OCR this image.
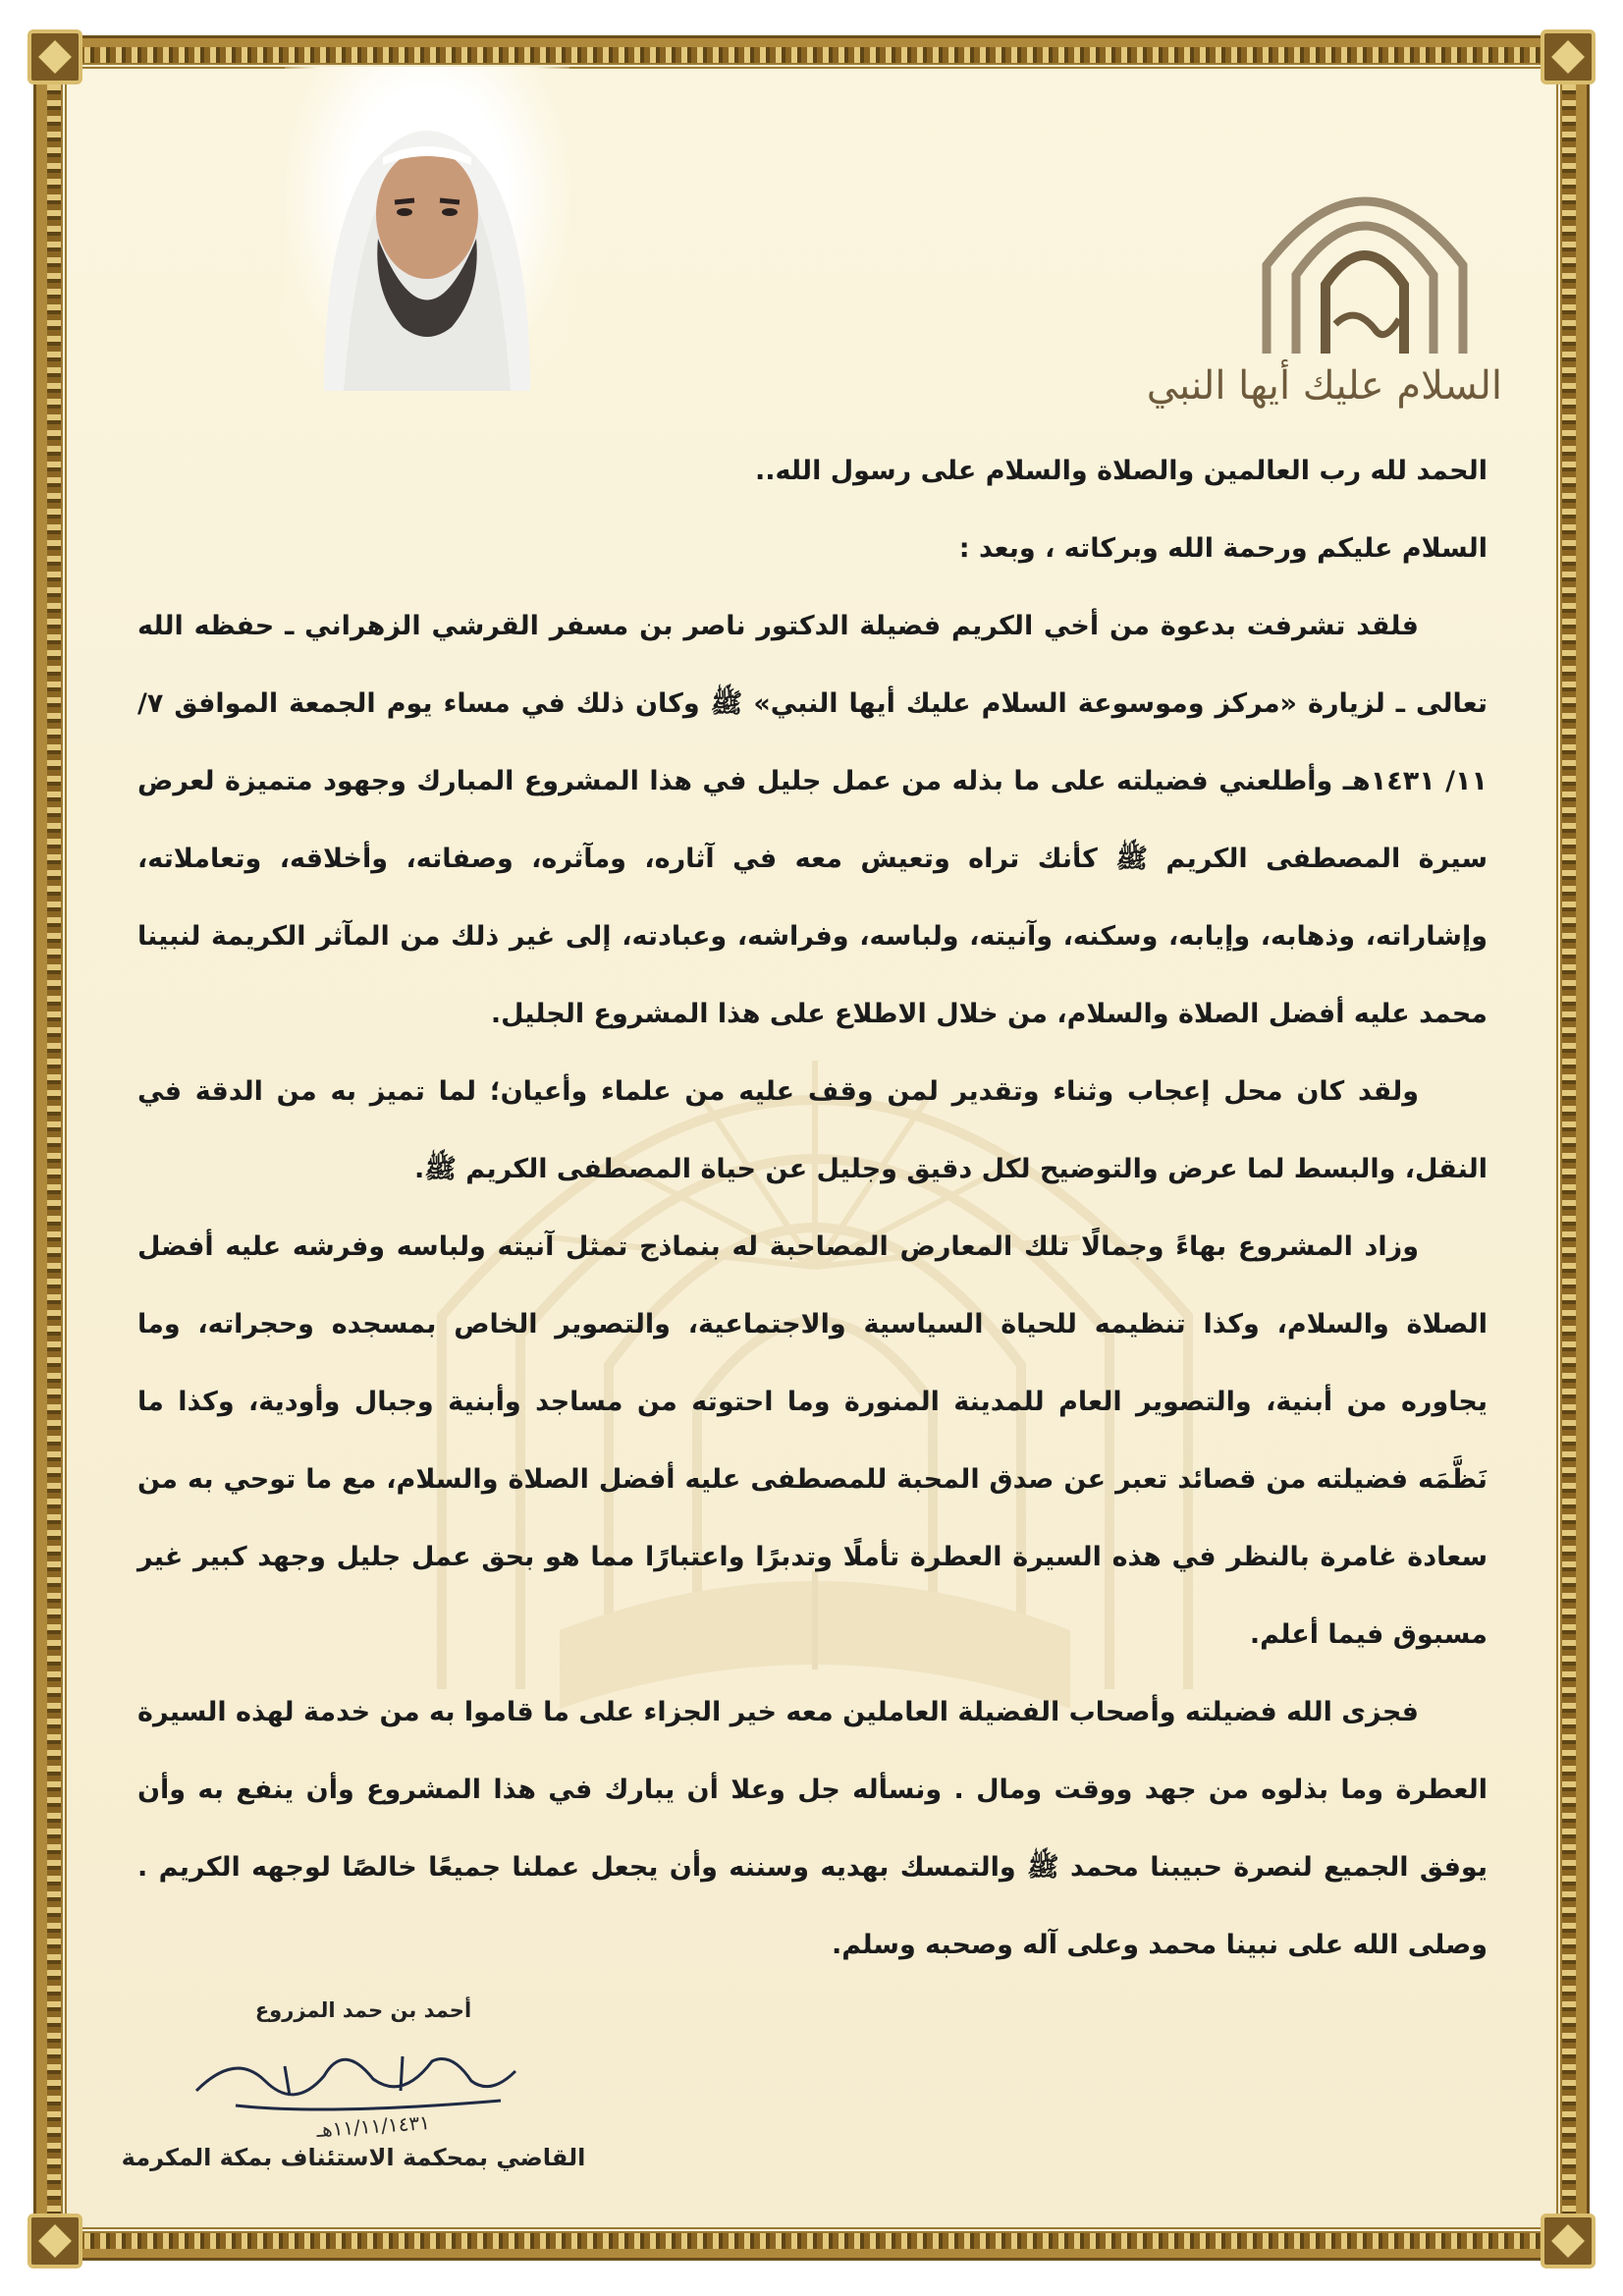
السلام عليك أيها النبي

الحمد لله رب العالمين والصلاة والسلام على رسول الله..

السلام عليكم ورحمة الله وبركاته ، وبعد :

فلقد تشرفت بدعوة من أخي الكريم فضيلة الدكتور ناصر بن مسفر القرشي الزهراني ـ حفظه الله تعالى ـ لزيارة «مركز وموسوعة السلام عليك أيها النبي» ﷺ وكان ذلك في مساء يوم الجمعة الموافق ٧/ ١١/ ١٤٣١هـ وأطلعني فضيلته على ما بذله من عمل جليل في هذا المشروع المبارك وجهود متميزة لعرض سيرة المصطفى الكريم ﷺ كأنك تراه وتعيش معه في آثاره، ومآثره، وصفاته، وأخلاقه، وتعاملاته، وإشاراته، وذهابه، وإيابه، وسكنه، وآنيته، ولباسه، وفراشه، وعبادته، إلى غير ذلك من المآثر الكريمة لنبينا محمد عليه أفضل الصلاة والسلام، من خلال الاطلاع على هذا المشروع الجليل.

ولقد كان محل إعجاب وثناء وتقدير لمن وقف عليه من علماء وأعيان؛ لما تميز به من الدقة في النقل، والبسط لما عرض والتوضيح لكل دقيق وجليل عن حياة المصطفى الكريم ﷺ.

وزاد المشروع بهاءً وجمالًا تلك المعارض المصاحبة له بنماذج تمثل آنيته ولباسه وفرشه عليه أفضل الصلاة والسلام، وكذا تنظيمه للحياة السياسية والاجتماعية، والتصوير الخاص بمسجده وحجراته، وما يجاوره من أبنية، والتصوير العام للمدينة المنورة وما احتوته من مساجد وأبنية وجبال وأودية، وكذا ما نَظَّمَه فضيلته من قصائد تعبر عن صدق المحبة للمصطفى عليه أفضل الصلاة والسلام، مع ما توحي به من سعادة غامرة بالنظر في هذه السيرة العطرة تأملًا وتدبرًا واعتبارًا مما هو بحق عمل جليل وجهد كبير غير مسبوق فيما أعلم.

فجزى الله فضيلته وأصحاب الفضيلة العاملين معه خير الجزاء على ما قاموا به من خدمة لهذه السيرة العطرة وما بذلوه من جهد ووقت ومال . ونسأله جل وعلا أن يبارك في هذا المشروع وأن ينفع به وأن يوفق الجميع لنصرة حبيبنا محمد ﷺ والتمسك بهديه وسننه وأن يجعل عملنا جميعًا خالصًا لوجهه الكريم . وصلى الله على نبينا محمد وعلى آله وصحبه وسلم.

أحمد بن حمد المزروع
١١/١١/١٤٣١هـ
القاضي بمحكمة الاستئناف بمكة المكرمة
